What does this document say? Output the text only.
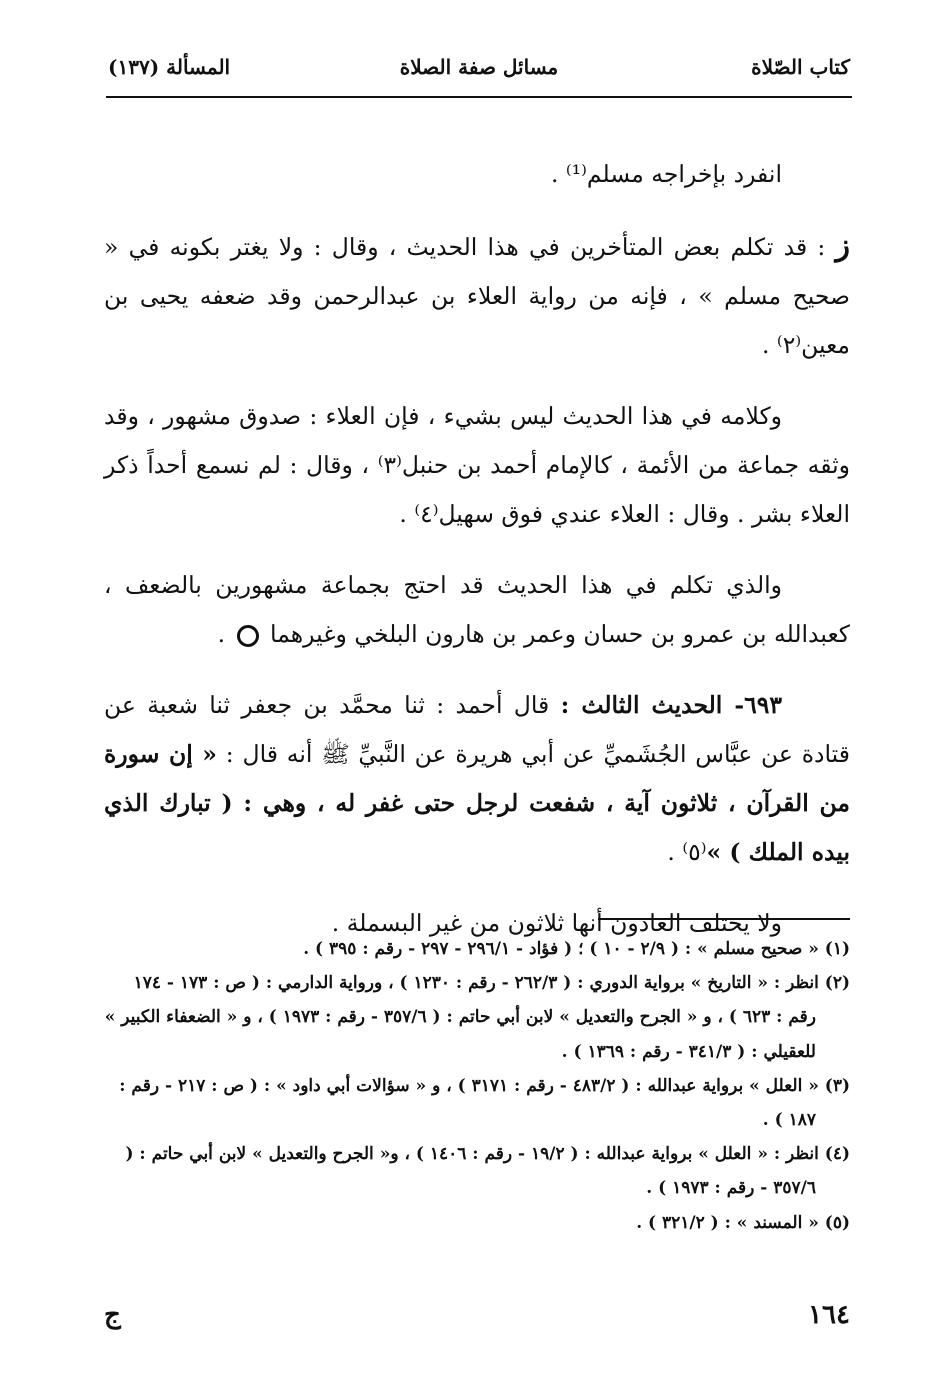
كتاب الصّلاة
مسائل صفة الصلاة
المسألة (١٣٧)

انفرد بإخراجه مسلم⁽¹⁾ .

ز : قد تكلم بعض المتأخرين في هذا الحديث ، وقال : ولا يغتر بكونه في « صحيح مسلم » ، فإنه من رواية العلاء بن عبدالرحمن وقد ضعفه يحيى بن معين⁽٢⁾ .

وكلامه في هذا الحديث ليس بشيء ، فإن العلاء : صدوق مشهور ، وقد وثقه جماعة من الأئمة ، كالإمام أحمد بن حنبل⁽٣⁾ ، وقال : لم نسمع أحداً ذكر العلاء بشر . وقال : العلاء عندي فوق سهيل⁽٤⁾ .

والذي تكلم في هذا الحديث قد احتج بجماعة مشهورين بالضعف ، كعبدالله بن عمرو بن حسان وعمر بن هارون البلخي وغيرهما  .

٦٩٣- الحديث الثالث : قال أحمد : ثنا محمَّد بن جعفر ثنا شعبة عن قتادة عن عبَّاس الجُشَميِّ عن أبي هريرة عن النَّبيِّ ﷺ أنه قال : « إن سورة من القرآن ، ثلاثون آية ، شفعت لرجل حتى غفر له ، وهي : ( تبارك الذي بيده الملك ) »⁽٥⁾ .

ولا يختلف العادون أنها ثلاثون من غير البسملة .

(١) « صحيح مسلم » : ( ٢/٩ - ١٠ ) ؛ ( فؤاد - ٢٩٦/١ - ٢٩٧ - رقم : ٣٩٥ ) .
(٢) انظر : « التاريخ » برواية الدوري : ( ٢٦٢/٣ - رقم : ١٢٣٠ ) ، ورواية الدارمي : ( ص : ١٧٣ - ١٧٤ رقم : ٦٢٣ ) ، و « الجرح والتعديل » لابن أبي حاتم : ( ٣٥٧/٦ - رقم : ١٩٧٣ ) ، و « الضعفاء الكبير » للعقيلي : ( ٣٤١/٣ - رقم : ١٣٦٩ ) .
(٣) « العلل » برواية عبدالله : ( ٤٨٣/٢ - رقم : ٣١٧١ ) ، و « سؤالات أبي داود » : ( ص : ٢١٧ - رقم : ١٨٧ ) .
(٤) انظر : « العلل » برواية عبدالله : ( ١٩/٢ - رقم : ١٤٠٦ ) ، و« الجرح والتعديل » لابن أبي حاتم : ( ٣٥٧/٦ - رقم : ١٩٧٣ ) .
(٥) « المسند » : ( ٣٢١/٢ ) .
١٦٤
ج
